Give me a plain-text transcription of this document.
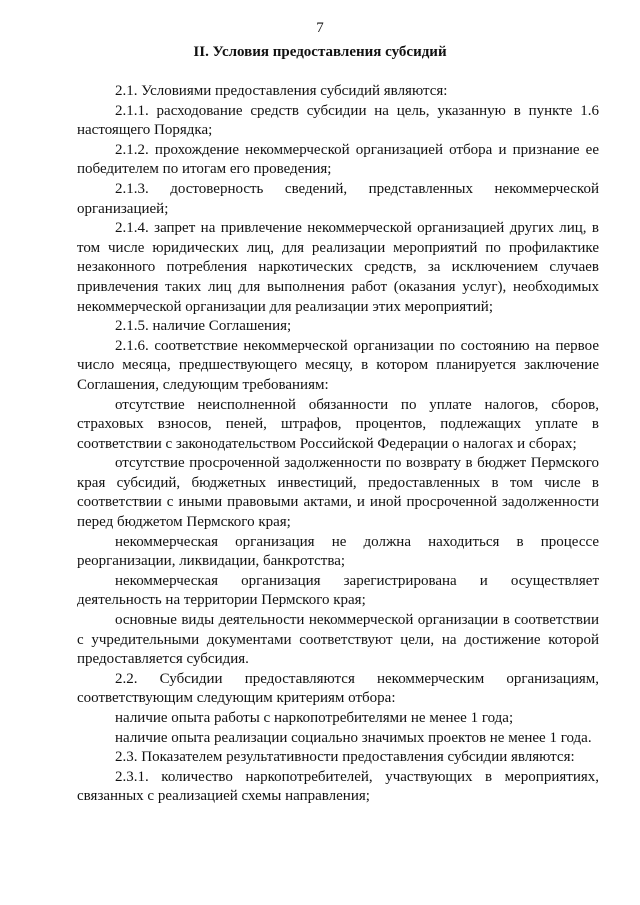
7
II. Условия предоставления субсидий

2.1. Условиями предоставления субсидий являются:

2.1.1. расходование средств субсидии на цель, указанную в пункте 1.6 настоящего Порядка;

2.1.2. прохождение некоммерческой организацией отбора и признание ее победителем по итогам его проведения;

2.1.3. достоверность сведений, представленных некоммерческой организацией;

2.1.4. запрет на привлечение некоммерческой организацией других лиц, в том числе юридических лиц, для реализации мероприятий по профилактике незаконного потребления наркотических средств, за исключением случаев привлечения таких лиц для выполнения работ (оказания услуг), необходимых некоммерческой организации для реализации этих мероприятий;

2.1.5. наличие Соглашения;

2.1.6. соответствие некоммерческой организации по состоянию на первое число месяца, предшествующего месяцу, в котором планируется заключение Соглашения, следующим требованиям:

отсутствие неисполненной обязанности по уплате налогов, сборов, страховых взносов, пеней, штрафов, процентов, подлежащих уплате в соответствии с законодательством Российской Федерации о налогах и сборах;

отсутствие просроченной задолженности по возврату в бюджет Пермского края субсидий, бюджетных инвестиций, предоставленных в том числе в соответствии с иными правовыми актами, и иной просроченной задолженности перед бюджетом Пермского края;

некоммерческая организация не должна находиться в процессе реорганизации, ликвидации, банкротства;

некоммерческая организация зарегистрирована и осуществляет деятельность на территории Пермского края;

основные виды деятельности некоммерческой организации в соответствии с учредительными документами соответствуют цели, на достижение которой предоставляется субсидия.

2.2. Субсидии предоставляются некоммерческим организациям, соответствующим следующим критериям отбора:

наличие опыта работы с наркопотребителями не менее 1 года;

наличие опыта реализации социально значимых проектов не менее 1 года.

2.3. Показателем результативности предоставления субсидии являются:

2.3.1. количество наркопотребителей, участвующих в мероприятиях, связанных с реализацией схемы направления;
